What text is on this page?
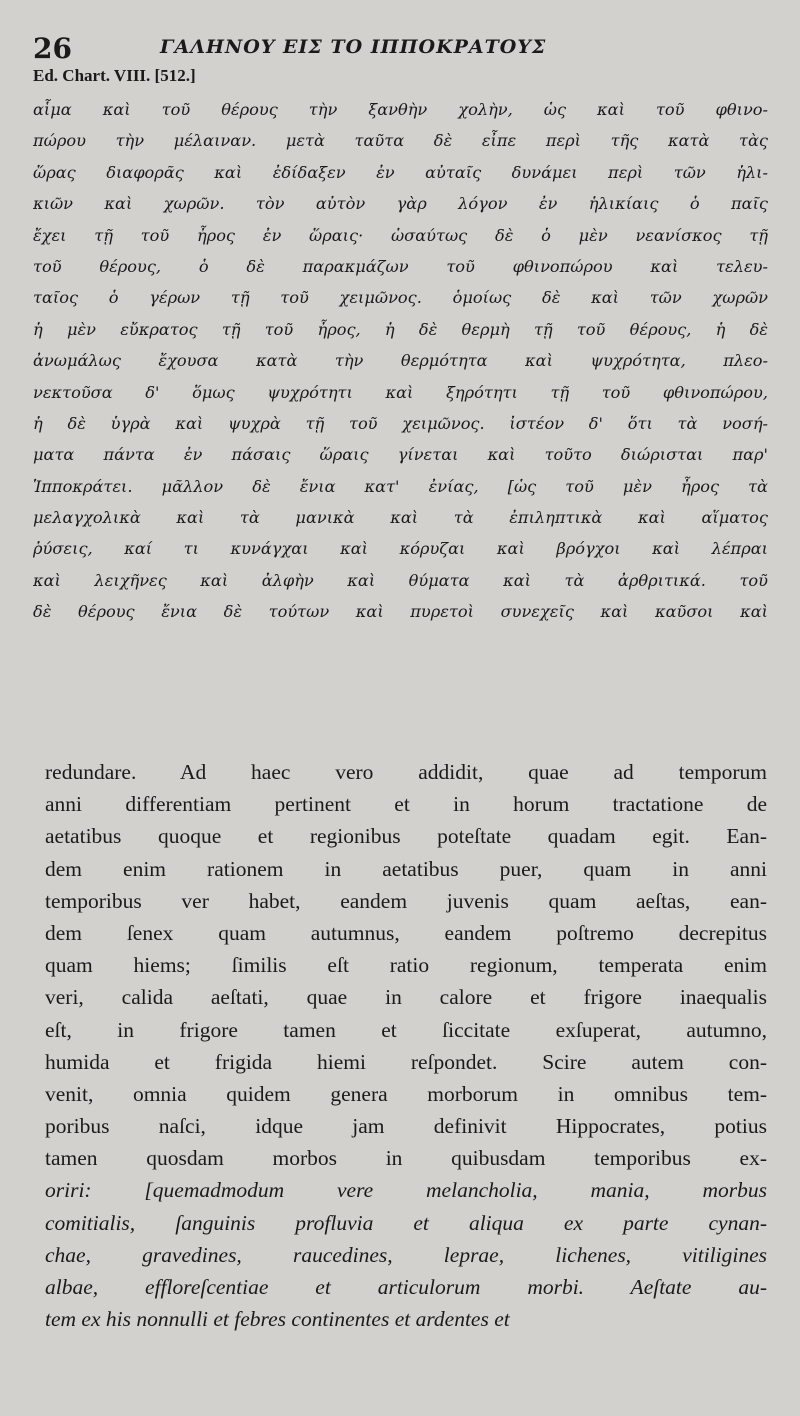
26	ΓΑΛΗΝΟΥ ΕΙΣ ΤΟ ΙΠΠΟΚΡΑΤΟΥΣ
Ed. Chart. VIII. [512.]
αἷμα καὶ τοῦ θέρους τὴν ξανθὴν χολὴν, ὡς καὶ τοῦ φθινο-
πώρου τὴν μέλαιναν. μετὰ ταῦτα δὲ εἶπε περὶ τῆς κατὰ τὰς
ὥρας διαφορᾶς καὶ ἐδίδαξεν ἐν αὐταῖς δυνάμει περὶ τῶν ἡλι-
κιῶν καὶ χωρῶν. τὸν αὐτὸν γὰρ λόγον ἐν ἡλικίαις ὁ παῖς
ἔχει τῇ τοῦ ἦρος ἐν ὥραις· ὡσαύτως δὲ ὁ μὲν νεανίσκος τῇ
τοῦ θέρους, ὁ δὲ παρακμάζων τοῦ φθινοπώρου καὶ τελευ-
ταῖος ὁ γέρων τῇ τοῦ χειμῶνος. ὁμοίως δὲ καὶ τῶν χωρῶν
ἡ μὲν εὔκρατος τῇ τοῦ ἦρος, ἡ δὲ θερμὴ τῇ τοῦ θέρους, ἡ δὲ
ἀνωμάλως ἔχουσα κατὰ τὴν θερμότητα καὶ ψυχρότητα, πλεο-
νεκτοῦσα δ' ὅμως ψυχρότητι καὶ ξηρότητι τῇ τοῦ φθινοπώρου,
ἡ δὲ ὑγρὰ καὶ ψυχρὰ τῇ τοῦ χειμῶνος. ἰστέον δ' ὅτι τὰ νοσή-
ματα πάντα ἐν πάσαις ὥραις γίνεται καὶ τοῦτο διώρισται παρ'
Ἱπποκράτει. μᾶλλον δὲ ἔνια κατ' ἐνίας, [ὡς τοῦ μὲν ἦρος τὰ
μελαγχολικὰ καὶ τὰ μανικὰ καὶ τὰ ἐπιληπτικὰ καὶ αἵματος
ῥύσεις, καί τι κυνάγχαι καὶ κόρυζαι καὶ βρόγχοι καὶ λέπραι
καὶ λειχῆνες καὶ ἀλφὴν καὶ θύματα καὶ τὰ ἀρθριτικά. τοῦ
δὲ θέρους ἔνια δὲ τούτων καὶ πυρετοὶ συνεχεῖς καὶ καῦσοι καὶ
redundare. Ad haec vero addidit, quae ad temporum
anni differentiam pertinent et in horum tractatione de
aetatibus quoque et regionibus poteſtate quadam egit. Ean-
dem enim rationem in aetatibus puer, quam in anni
temporibus ver habet, eandem juvenis quam aeſtas, ean-
dem ſenex quam autumnus, eandem poſtremo decrepitus
quam hiems; ſimilis eſt ratio regionum, temperata enim
veri, calida aeſtati, quae in calore et frigore inaequalis
eſt, in frigore tamen et ſiccitate exſuperat, autumno,
humida et frigida hiemi reſpondet. Scire autem con-
venit, omnia quidem genera morborum in omnibus tem-
poribus naſci, idque jam definivit Hippocrates, potius
tamen quosdam morbos in quibusdam temporibus ex-
oriri: [quemadmodum vere melancholia, mania, morbus
comitialis, ſanguinis profluvia et aliqua ex parte cynan-
chae, gravedines, raucedines, leprae, lichenes, vitiligines
albae, effloreſcentiae et articulorum morbi. Aeſtate au-
tem ex his nonnulli et febres continentes et ardentes et
